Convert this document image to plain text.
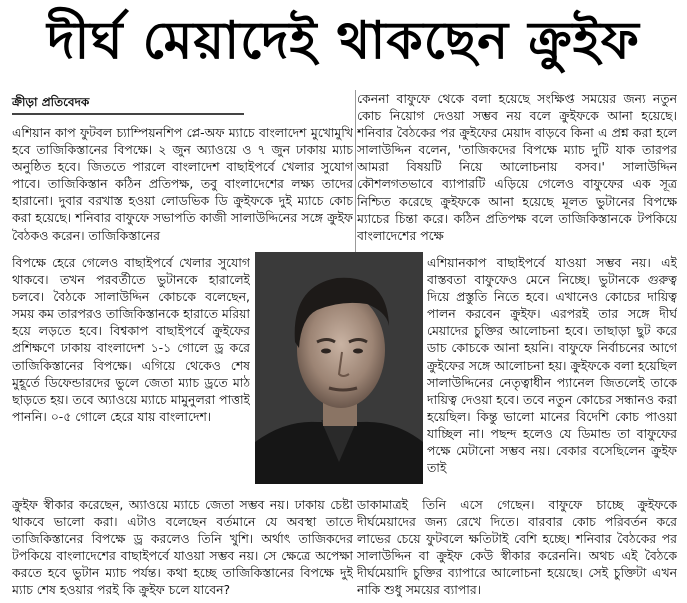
দীর্ঘ মেয়াদেই থাকছেন ক্রুইফ
ক্রীড়া প্রতিবেদক

এশিয়ান কাপ ফুটবল চ্যাম্পিয়নশিপ প্লে-অফ ম্যাচে বাংলাদেশ মুখোমুখি হবে তাজিকিস্তানের বিপক্ষে। ২ জুন অ্যাওয়ে ও ৭ জুন ঢাকায় ম্যাচ অনুষ্ঠিত হবে। জিততে পারলে বাংলাদেশ বাছাইপর্বে খেলার সুযোগ পাবে। তাজিকিস্তান কঠিন প্রতিপক্ষ, তবু বাংলাদেশের লক্ষ্য তাদের হারানো। দুবার বরখাস্ত হওয়া লোডভিক ডি ক্রুইফকে দুই ম্যাচে কোচ করা হয়েছে। শনিবার বাফুফে সভাপতি কাজী সালাউদ্দিনের সঙ্গে ক্রুইফ বৈঠকও করেন। তাজিকিস্তানের

কেননা বাফুফে থেকে বলা হয়েছে সংক্ষিপ্ত সময়ের জন্য নতুন কোচ নিয়োগ দেওয়া সম্ভব নয় বলে ক্রুইফকে আনা হয়েছে। শনিবার বৈঠকের পর ক্রুইফের মেয়াদ বাড়বে কিনা এ প্রশ্ন করা হলে সালাউদ্দিন বলেন, 'তাজিকদের বিপক্ষে ম্যাচ দুটি যাক তারপর আমরা বিষয়টি নিয়ে আলোচনায় বসব।' সালাউদ্দিন কৌশলগতভাবে ব্যাপারটি এড়িয়ে গেলেও বাফুফের এক সূত্র নিশ্চিত করেছে ক্রুইফকে আনা হয়েছে মূলত ভুটানের বিপক্ষে ম্যাচের চিন্তা করে। কঠিন প্রতিপক্ষ বলে তাজিকিস্তানকে টপকিয়ে বাংলাদেশের পক্ষে

বিপক্ষে হেরে গেলেও বাছাইপর্বে খেলার সুযোগ থাকবে। তখন পরবর্তীতে ভুটানকে হারালেই চলবে। বৈঠকে সালাউদ্দিন কোচকে বলেছেন, সময় কম তারপরও তাজিকিস্তানকে হারাতে মরিয়া হয়ে লড়তে হবে। বিশ্বকাপ বাছাইপর্বে ক্রুইফের প্রশিক্ষণে ঢাকায় বাংলাদেশ ১-১ গোলে ড্র করে তাজিকিস্তানের বিপক্ষে। এগিয়ে থেকেও শেষ মুহূর্তে ডিফেন্ডারদের ভুলে জেতা ম্যাচ ড্রতে মাঠ ছাড়তে হয়। তবে অ্যাওয়ে ম্যাচে মামুনুলরা পাত্তাই পাননি। ০-৫ গোলে হেরে যায় বাংলাদেশ।

এশিয়ানকাপ বাছাইপর্বে যাওয়া সম্ভব নয়। এই বাস্তবতা বাফুফেও মেনে নিচ্ছে। ভুটানকে গুরুত্ব দিয়ে প্রস্তুতি নিতে হবে। এখানেও কোচের দায়িত্ব পালন করবেন ক্রুইফ। এরপরই তার সঙ্গে দীর্ঘ মেয়াদের চুক্তির আলোচনা হবে। তাছাড়া ছুট করে ডাচ কোচকে আনা হয়নি। বাফুফে নির্বাচনের আগে ক্রুইফের সঙ্গে আলোচনা হয়। ক্রুইফকে বলা হয়েছিল সালাউদ্দিনের নেতৃত্বাধীন প্যানেল জিতলেই তাকে দায়িত্ব দেওয়া হবে। তবে নতুন কোচের সন্ধানও করা হয়েছিল। কিন্তু ভালো মানের বিদেশি কোচ পাওয়া যাচ্ছিল না। পছন্দ হলেও যে ডিমান্ড তা বাফুফের পক্ষে মেটানো সম্ভব নয়। বেকার বসেছিলেন ক্রুইফ তাই

ক্রুইফ স্বীকার করেছেন, অ্যাওয়ে ম্যাচে জেতা সম্ভব নয়। ঢাকায় চেষ্টা থাকবে ভালো করা। এটাও বলেছেন বর্তমানে যে অবস্থা তাতে তাজিকিস্তানের বিপক্ষে ড্র করলেও তিনি খুশি। অর্থাৎ তাজিকদের টপকিয়ে বাংলাদেশের বাছাইপর্বে যাওয়া সম্ভব নয়। সে ক্ষেত্রে অপেক্ষা করতে হবে ভুটান ম্যাচ পর্যন্ত। কথা হচ্ছে তাজিকিস্তানের বিপক্ষে দুই ম্যাচ শেষ হওয়ার পরই কি ক্রুইফ চলে যাবেন?

ডাকামাত্রই তিনি এসে গেছেন। বাফুফে চাচ্ছে ক্রুইফকে দীর্ঘমেয়াদের জন্য রেখে দিতে। বারবার কোচ পরিবর্তন করে লাভের চেয়ে ফুটবলে ক্ষতিটাই বেশি হচ্ছে। শনিবার বৈঠকের পর সালাউদ্দিন বা ক্রুইফ কেউ স্বীকার করেননি। অথচ এই বৈঠকে দীর্ঘমেয়াদি চুক্তির ব্যাপারে আলোচনা হয়েছে। সেই চুক্তিটা এখন নাকি শুধু সময়ের ব্যাপার।
